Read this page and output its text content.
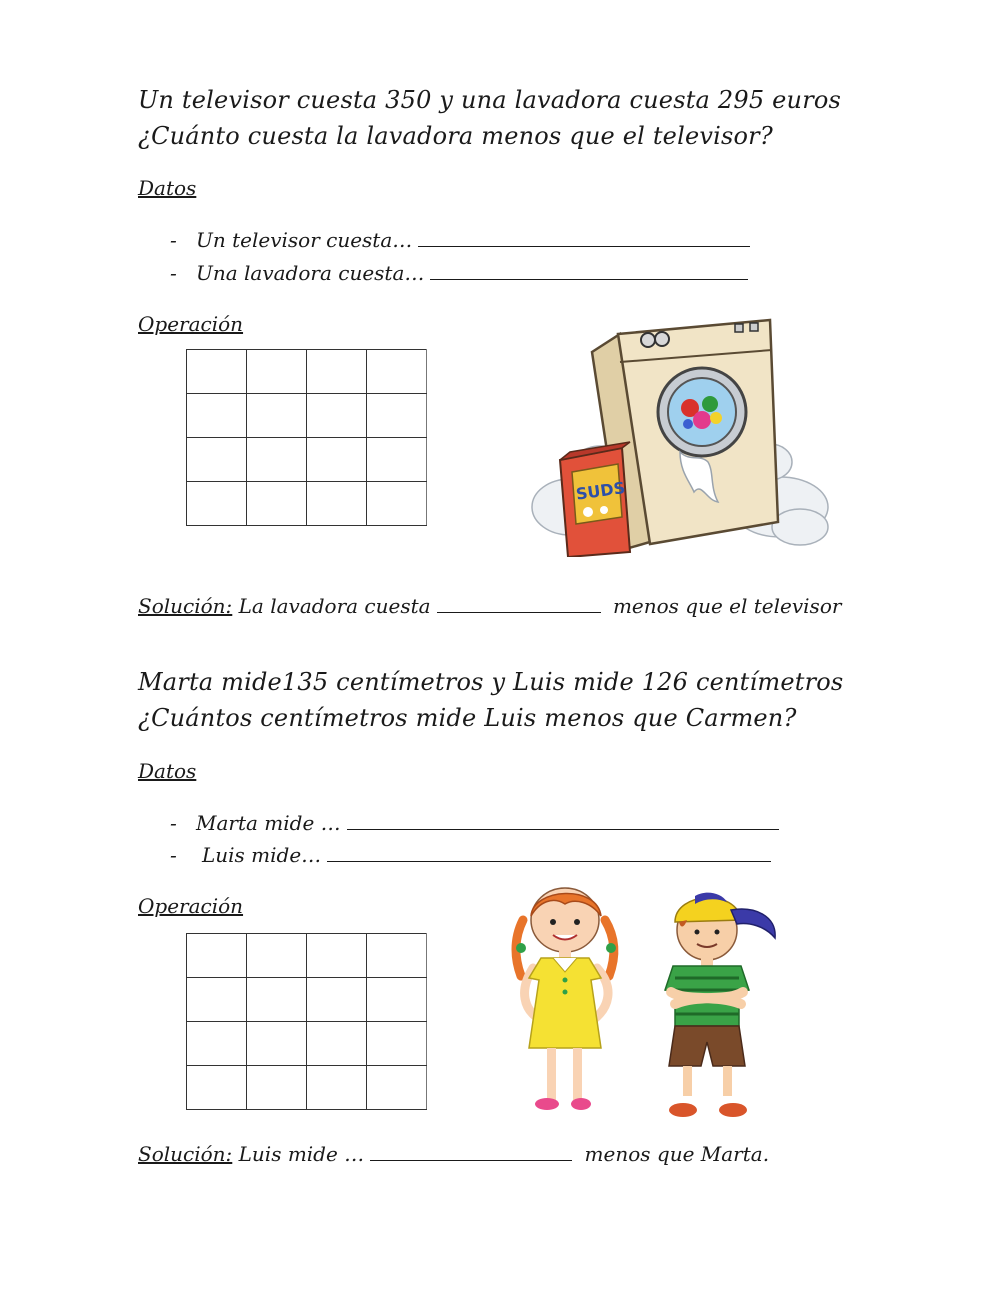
Un televisor cuesta 350 y una lavadora cuesta 295 euros
¿Cuánto cuesta la lavadora menos que el televisor?
Datos
- Un televisor cuesta…
- Una lavadora cuesta…
Operación

SUDS
Solución: La lavadora cuesta	menos que el televisor
Marta mide135 centímetros y Luis mide 126 centímetros
¿Cuántos centímetros mide Luis menos que Carmen?
Datos
- Marta mide …
- Luis mide…
Operación

Solución: Luis mide …	menos que Marta.
